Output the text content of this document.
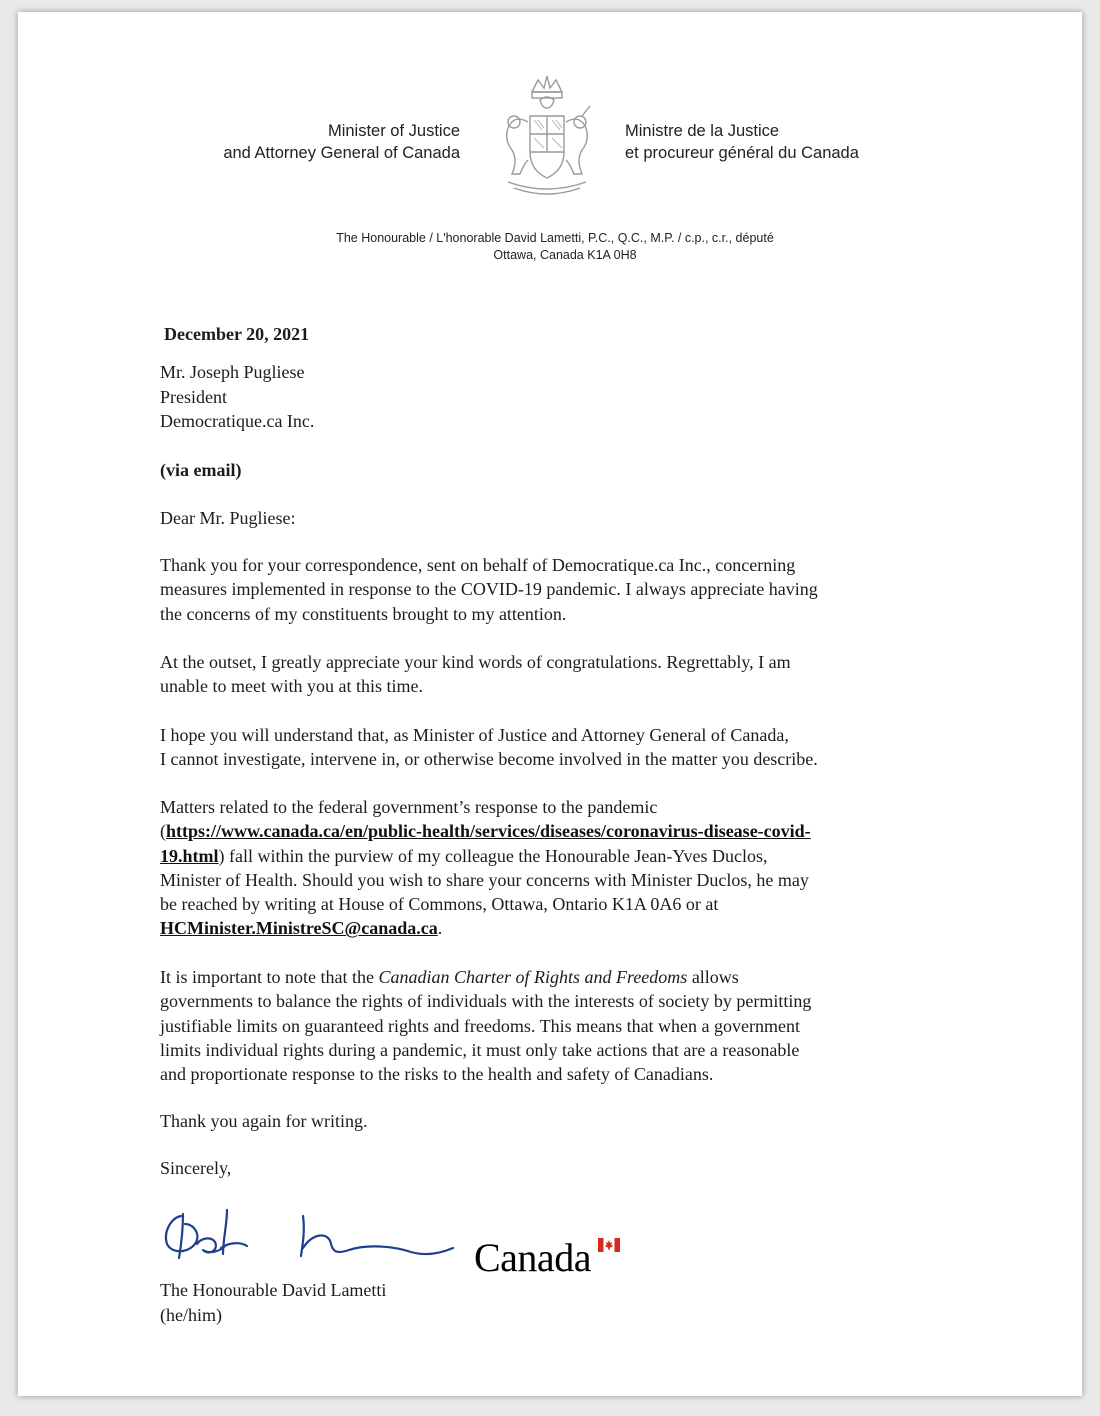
Minister of Justice
and Attorney General of Canada
Ministre de la Justice
et procureur général du Canada
The Honourable / L'honorable David Lametti, P.C., Q.C., M.P. / c.p., c.r., député
Ottawa, Canada K1A 0H8
December 20, 2021
Mr. Joseph Pugliese
President
Democratique.ca Inc.
(via email)
Dear Mr. Pugliese:

Thank you for your correspondence, sent on behalf of Democratique.ca Inc., concerning
measures implemented in response to the COVID-19 pandemic. I always appreciate having
the concerns of my constituents brought to my attention.

At the outset, I greatly appreciate your kind words of congratulations. Regrettably, I am
unable to meet with you at this time.

I hope you will understand that, as Minister of Justice and Attorney General of Canada,
I cannot investigate, intervene in, or otherwise become involved in the matter you describe.

Matters related to the federal government’s response to the pandemic
(https://www.canada.ca/en/public-health/services/diseases/coronavirus-disease-covid-
19.html) fall within the purview of my colleague the Honourable Jean-Yves Duclos,
Minister of Health. Should you wish to share your concerns with Minister Duclos, he may
be reached by writing at House of Commons, Ottawa, Ontario K1A 0A6 or at
HCMinister.MinistreSC@canada.ca.

It is important to note that the Canadian Charter of Rights and Freedoms allows
governments to balance the rights of individuals with the interests of society by permitting
justifiable limits on guaranteed rights and freedoms. This means that when a government
limits individual rights during a pandemic, it must only take actions that are a reasonable
and proportionate response to the risks to the health and safety of Canadians.

Thank you again for writing.
Sincerely,
The Honourable David Lametti
(he/him)
Canada
